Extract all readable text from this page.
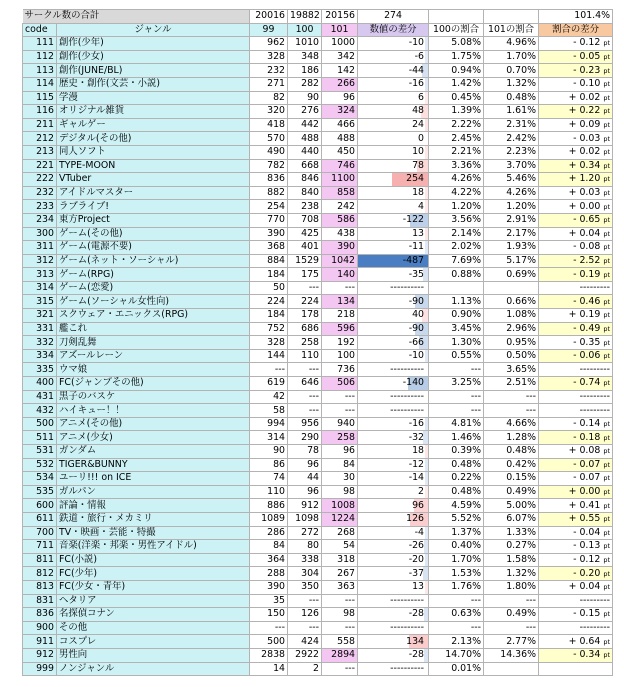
サークル数の合計		20016	19882	20156	274			101.4%
code	ジャンル	99	100	101	数値の差分	100の割合	101の割合	割合の差分
111	創作(少年)	962	1010	1000	-10	5.08%	4.96%	- 0.12 pt
112	創作(少女)	328	348	342	-6	1.75%	1.70%	- 0.05 pt
113	創作(JUNE/BL)	232	186	142	-44	0.94%	0.70%	- 0.23 pt
114	歴史・創作(文芸・小説)	271	282	266	-16	1.42%	1.32%	- 0.10 pt
115	学漫	82	90	96	6	0.45%	0.48%	+ 0.02 pt
116	オリジナル雑貨	320	276	324	48	1.39%	1.61%	+ 0.22 pt
211	ギャルゲー	418	442	466	24	2.22%	2.31%	+ 0.09 pt
212	デジタル(その他)	570	488	488	0	2.45%	2.42%	- 0.03 pt
213	同人ソフト	490	440	450	10	2.21%	2.23%	+ 0.02 pt
221	TYPE-MOON	782	668	746	78	3.36%	3.70%	+ 0.34 pt
222	VTuber	836	846	1100	254	4.26%	5.46%	+ 1.20 pt
232	アイドルマスター	882	840	858	18	4.22%	4.26%	+ 0.03 pt
233	ラブライブ!	254	238	242	4	1.20%	1.20%	+ 0.00 pt
234	東方Project	770	708	586	-122	3.56%	2.91%	- 0.65 pt
300	ゲーム(その他)	390	425	438	13	2.14%	2.17%	+ 0.04 pt
311	ゲーム(電源不要)	368	401	390	-11	2.02%	1.93%	- 0.08 pt
312	ゲーム(ネット・ソーシャル)	884	1529	1042	-487	7.69%	5.17%	- 2.52 pt
313	ゲーム(RPG)	184	175	140	-35	0.88%	0.69%	- 0.19 pt
314	ゲーム(恋愛)	50	---	---	----------			---------
315	ゲーム(ソーシャル女性向)	224	224	134	-90	1.13%	0.66%	- 0.46 pt
321	スクウェア・エニックス(RPG)	184	178	218	40	0.90%	1.08%	+ 0.19 pt
331	艦これ	752	686	596	-90	3.45%	2.96%	- 0.49 pt
332	刀剣乱舞	328	258	192	-66	1.30%	0.95%	- 0.35 pt
334	アズールレーン	144	110	100	-10	0.55%	0.50%	- 0.06 pt
335	ウマ娘	---	---	736	----------	---	3.65%	---------
400	FC(ジャンプその他)	619	646	506	-140	3.25%	2.51%	- 0.74 pt
431	黒子のバスケ	42	---	---	----------	---	---	---------
432	ハイキュー！！	58	---	---	----------	---	---	---------
500	アニメ(その他)	994	956	940	-16	4.81%	4.66%	- 0.14 pt
511	アニメ(少女)	314	290	258	-32	1.46%	1.28%	- 0.18 pt
531	ガンダム	90	78	96	18	0.39%	0.48%	+ 0.08 pt
532	TIGER&BUNNY	86	96	84	-12	0.48%	0.42%	- 0.07 pt
534	ユーリ!!! on ICE	74	44	30	-14	0.22%	0.15%	- 0.07 pt
535	ガルパン	110	96	98	2	0.48%	0.49%	+ 0.00 pt
600	評論・情報	886	912	1008	96	4.59%	5.00%	+ 0.41 pt
611	鉄道・旅行・メカミリ	1089	1098	1224	126	5.52%	6.07%	+ 0.55 pt
700	TV・映画・芸能・特撮	286	272	268	-4	1.37%	1.33%	- 0.04 pt
711	音楽(洋楽・邦楽・男性アイドル)	84	80	54	-26	0.40%	0.27%	- 0.13 pt
811	FC(小説)	364	338	318	-20	1.70%	1.58%	- 0.12 pt
812	FC(少年)	288	304	267	-37	1.53%	1.32%	- 0.20 pt
813	FC(少女・青年)	390	350	363	13	1.76%	1.80%	+ 0.04 pt
831	ヘタリア	35	---	---	----------	---	---	---------
836	名探偵コナン	150	126	98	-28	0.63%	0.49%	- 0.15 pt
900	その他	---	---	---	----------	---	---	---------
911	コスプレ	500	424	558	134	2.13%	2.77%	+ 0.64 pt
912	男性向	2838	2922	2894	-28	14.70%	14.36%	- 0.34 pt
999	ノンジャンル	14	2	---	----------	0.01%		
